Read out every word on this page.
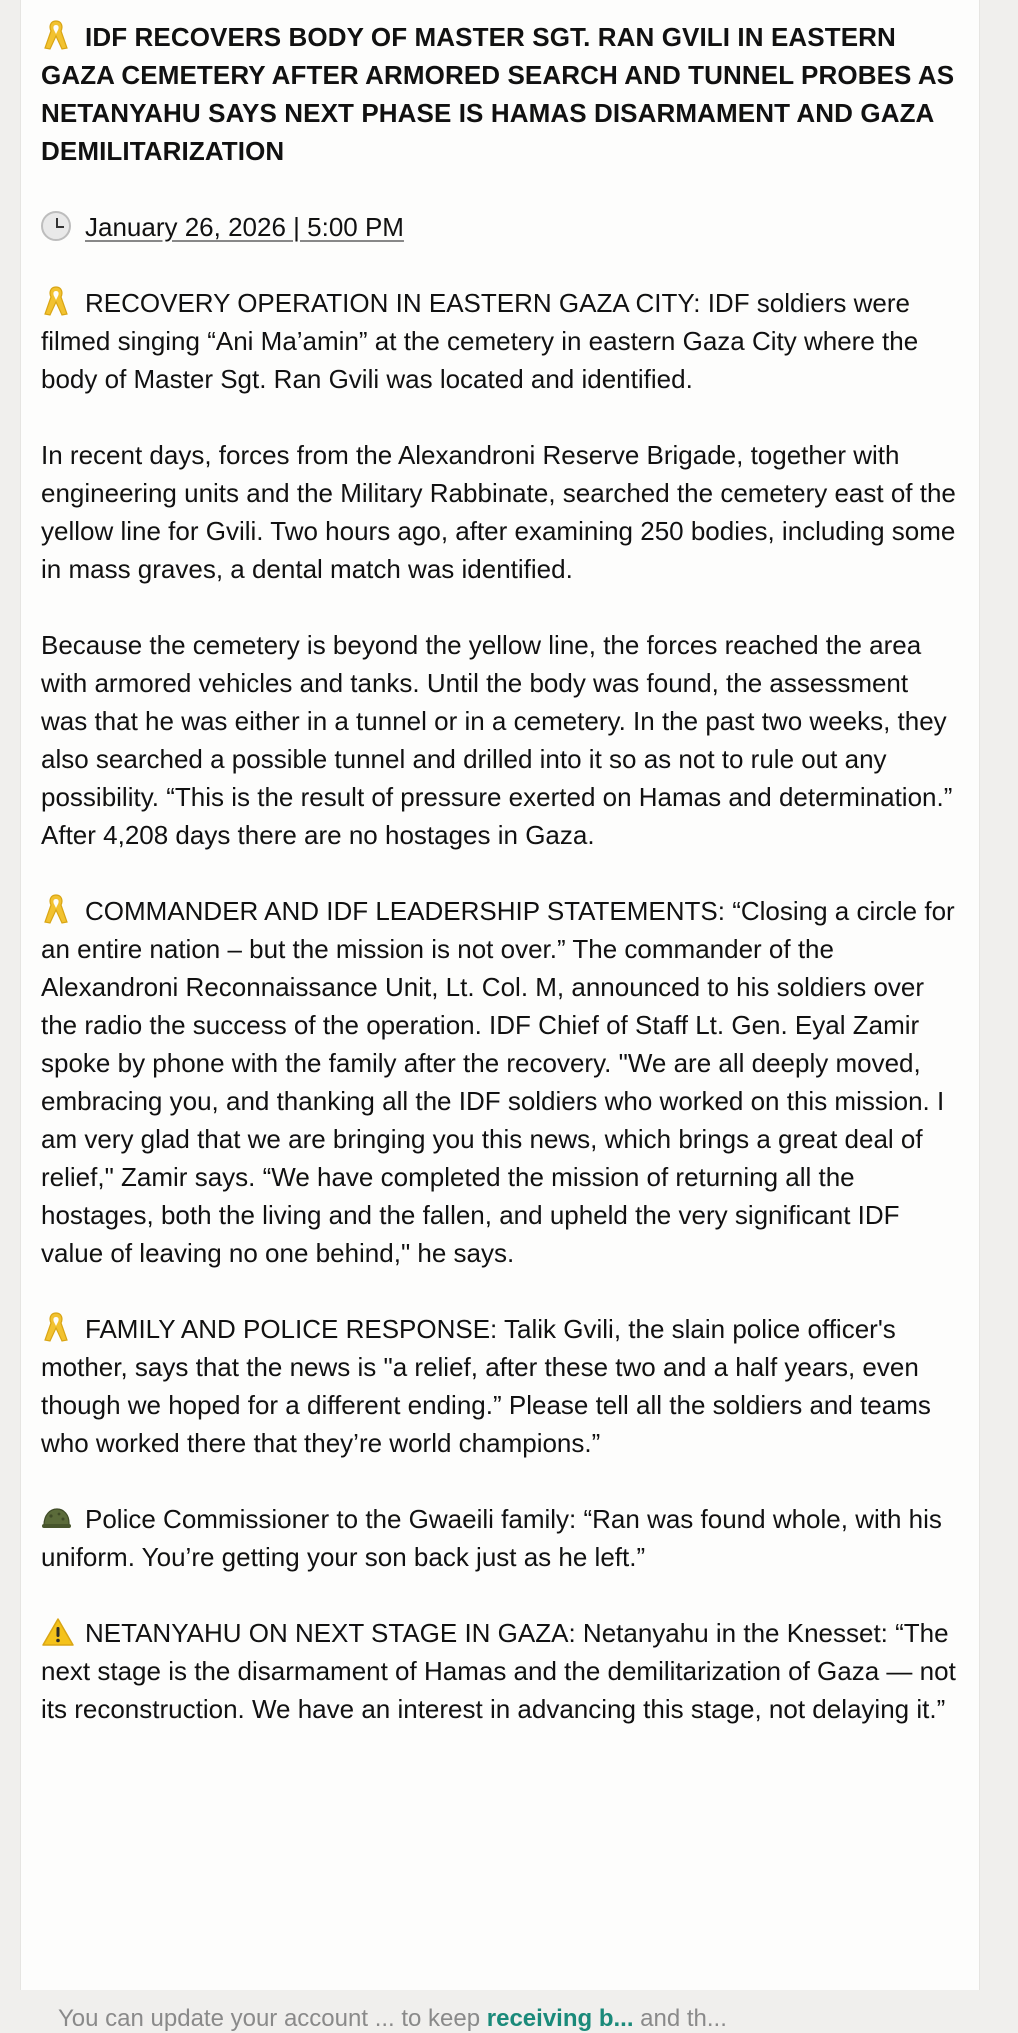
IDF RECOVERS BODY OF MASTER SGT. RAN GVILI IN EASTERN GAZA CEMETERY AFTER ARMORED SEARCH AND TUNNEL PROBES AS NETANYAHU SAYS NEXT PHASE IS HAMAS DISARMAMENT AND GAZA DEMILITARIZATION
January 26, 2026 | 5:00 PM
RECOVERY OPERATION IN EASTERN GAZA CITY: IDF soldiers were filmed singing “Ani Ma’amin” at the cemetery in eastern Gaza City where the body of Master Sgt. Ran Gvili was located and identified.
In recent days, forces from the Alexandroni Reserve Brigade, together with engineering units and the Military Rabbinate, searched the cemetery east of the yellow line for Gvili. Two hours ago, after examining 250 bodies, including some in mass graves, a dental match was identified.
Because the cemetery is beyond the yellow line, the forces reached the area with armored vehicles and tanks. Until the body was found, the assessment was that he was either in a tunnel or in a cemetery. In the past two weeks, they also searched a possible tunnel and drilled into it so as not to rule out any possibility. “This is the result of pressure exerted on Hamas and determination.” After 4,208 days there are no hostages in Gaza.
COMMANDER AND IDF LEADERSHIP STATEMENTS: “Closing a circle for an entire nation – but the mission is not over.” The commander of the Alexandroni Reconnaissance Unit, Lt. Col. M, announced to his soldiers over the radio the success of the operation. IDF Chief of Staff Lt. Gen. Eyal Zamir spoke by phone with the family after the recovery. "We are all deeply moved, embracing you, and thanking all the IDF soldiers who worked on this mission. I am very glad that we are bringing you this news, which brings a great deal of relief," Zamir says. “We have completed the mission of returning all the hostages, both the living and the fallen, and upheld the very significant IDF value of leaving no one behind," he says.
FAMILY AND POLICE RESPONSE: Talik Gvili, the slain police officer's mother, says that the news is "a relief, after these two and a half years, even though we hoped for a different ending.” Please tell all the soldiers and teams who worked there that they’re world champions.”
Police Commissioner to the Gwaeili family: “Ran was found whole, with his uniform. You’re getting your son back just as he left.”
NETANYAHU ON NEXT STAGE IN GAZA: Netanyahu in the Knesset: “The next stage is the disarmament of Hamas and the demilitarization of Gaza — not its reconstruction. We have an interest in advancing this stage, not delaying it.”
You can update your account ... to keep receiving b... and th...
